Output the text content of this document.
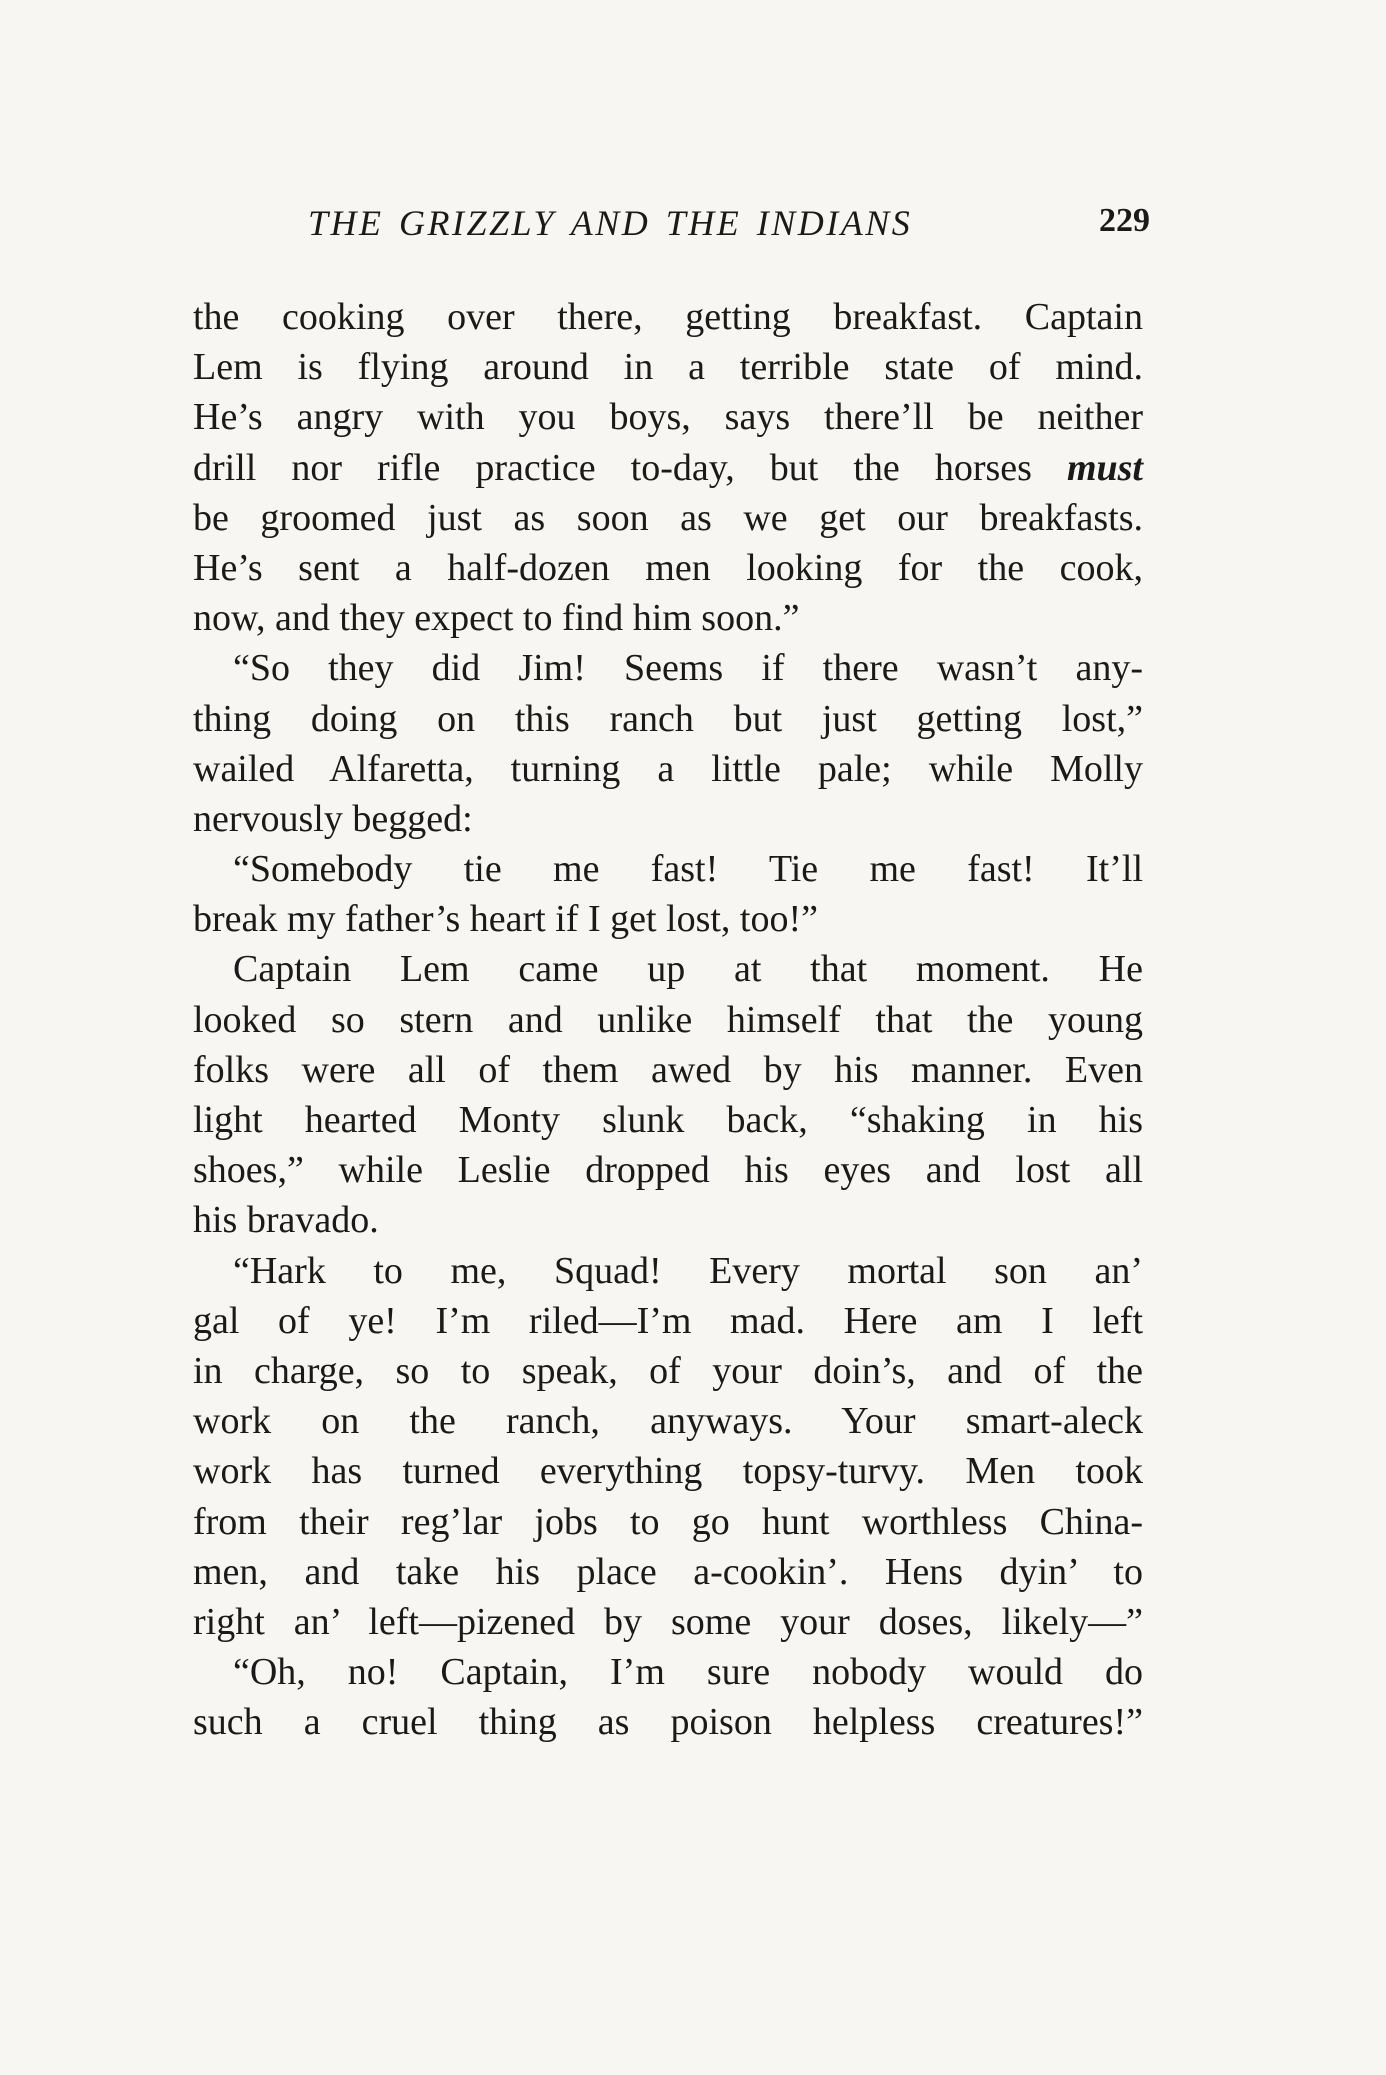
THE GRIZZLY AND THE INDIANS	229
the cooking over there, getting breakfast. Captain
Lem is flying around in a terrible state of mind.
He’s angry with you boys, says there’ll be neither
drill nor rifle practice to-day, but the horses must
be groomed just as soon as we get our breakfasts.
He’s sent a half-dozen men looking for the cook,
now, and they expect to find him soon.”
“So they did Jim! Seems if there wasn’t any-
thing doing on this ranch but just getting lost,”
wailed Alfaretta, turning a little pale; while Molly
nervously begged:
“Somebody tie me fast! Tie me fast! It’ll
break my father’s heart if I get lost, too!”
Captain Lem came up at that moment. He
looked so stern and unlike himself that the young
folks were all of them awed by his manner. Even
light hearted Monty slunk back, “shaking in his
shoes,” while Leslie dropped his eyes and lost all
his bravado.
“Hark to me, Squad! Every mortal son an’
gal of ye! I’m riled—I’m mad. Here am I left
in charge, so to speak, of your doin’s, and of the
work on the ranch, anyways. Your smart-aleck
work has turned everything topsy-turvy. Men took
from their reg’lar jobs to go hunt worthless China-
men, and take his place a-cookin’. Hens dyin’ to
right an’ left—pizened by some your doses, likely—”
“Oh, no! Captain, I’m sure nobody would do
such a cruel thing as poison helpless creatures!”
